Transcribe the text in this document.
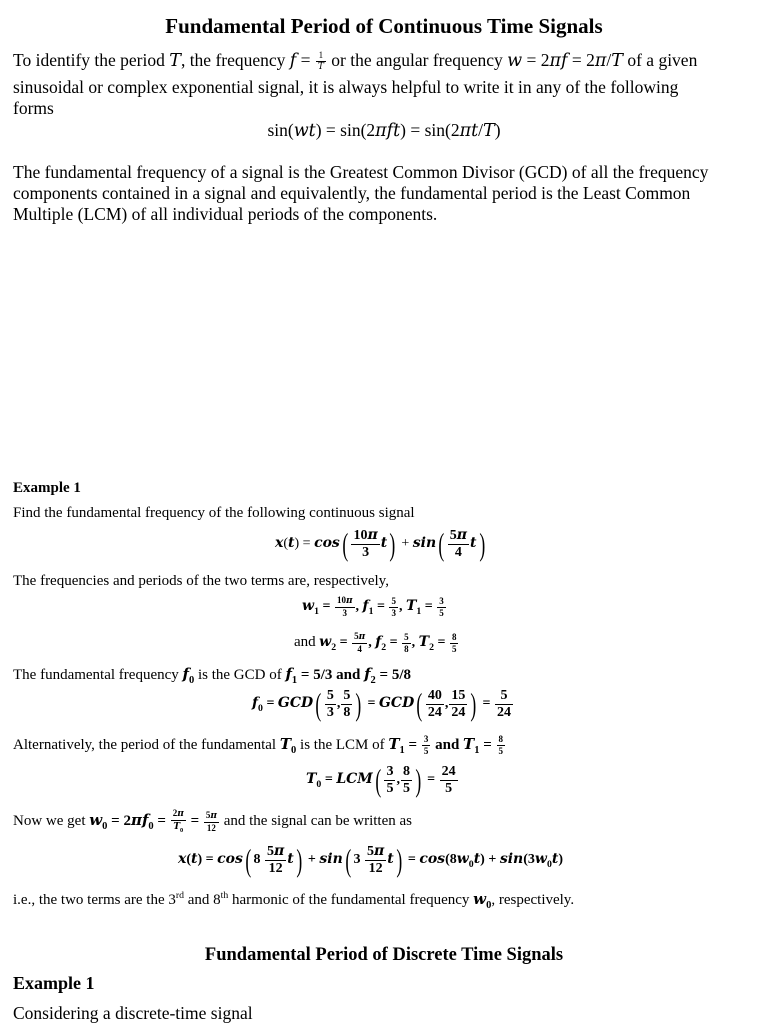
Fundamental Period of Continuous Time Signals
To identify the period T, the frequency $f = \frac{1}{T}$ or the angular frequency w = 2πf = 2π/T of a given
sinusoidal or complex exponential signal, it is always helpful to write it in any of the following
forms
sin(wt) = sin(2πft) = sin(2πt/T)
The fundamental frequency of a signal is the Greatest Common Divisor (GCD) of all the frequency
components contained in a signal and equivalently, the fundamental period is the Least Common
Multiple (LCM) of all individual periods of the components.
Example 1
Find the fundamental frequency of the following continuous signal
$x(t) = \cos( \frac{10\pi}{3} t) + \sin( \frac{5\pi}{4} t)$
The frequencies and periods of the two terms are, respectively,
$w_1 = \frac{10\pi}{3}$ , $f_1 = \frac{5}{3}$ , $T_1 = \frac{3}{5}$
and $w_2 = \frac{5\pi}{4}$ , $f_2 = \frac{5}{8}$ , $T_2 = \frac{8}{5}$
The fundamental frequency $f_0$ is the GCD of $f_1 = 5/3$ and $f_2 = 5/8$
$f_0 = GCD( \frac{5}{3}$ , $\frac{5}{8}$ ) = $GCD( \frac{40}{24}$ , $\frac{15}{24}$ ) = $\frac{5}{24}$
Alternatively, the period of the fundamental $T_0$ is the LCM of $T_1 = \frac{3}{5}$ and $T_1 = \frac{8}{5}$
$T_0 = LCM( \frac{3}{5}$ , $\frac{8}{5}$ ) = $\frac{24}{5}$
Now we get $w_0 = 2\pi f_0 = \frac{2\pi}{T_0} = \frac{5\pi}{12}$ and the signal can be written as
x(t) = cos( $8 \frac{5\pi}{12} t) + \sin$( $3 \frac{5\pi}{12} t) = \cos(8w_0t) + \sin(3w_0t)$
i.e., the two terms are the 3rd and 8th harmonic of the fundamental frequency $w_0$, respectively.
Fundamental Period of Discrete Time Signals
Example 1
Considering a discrete-time signal
